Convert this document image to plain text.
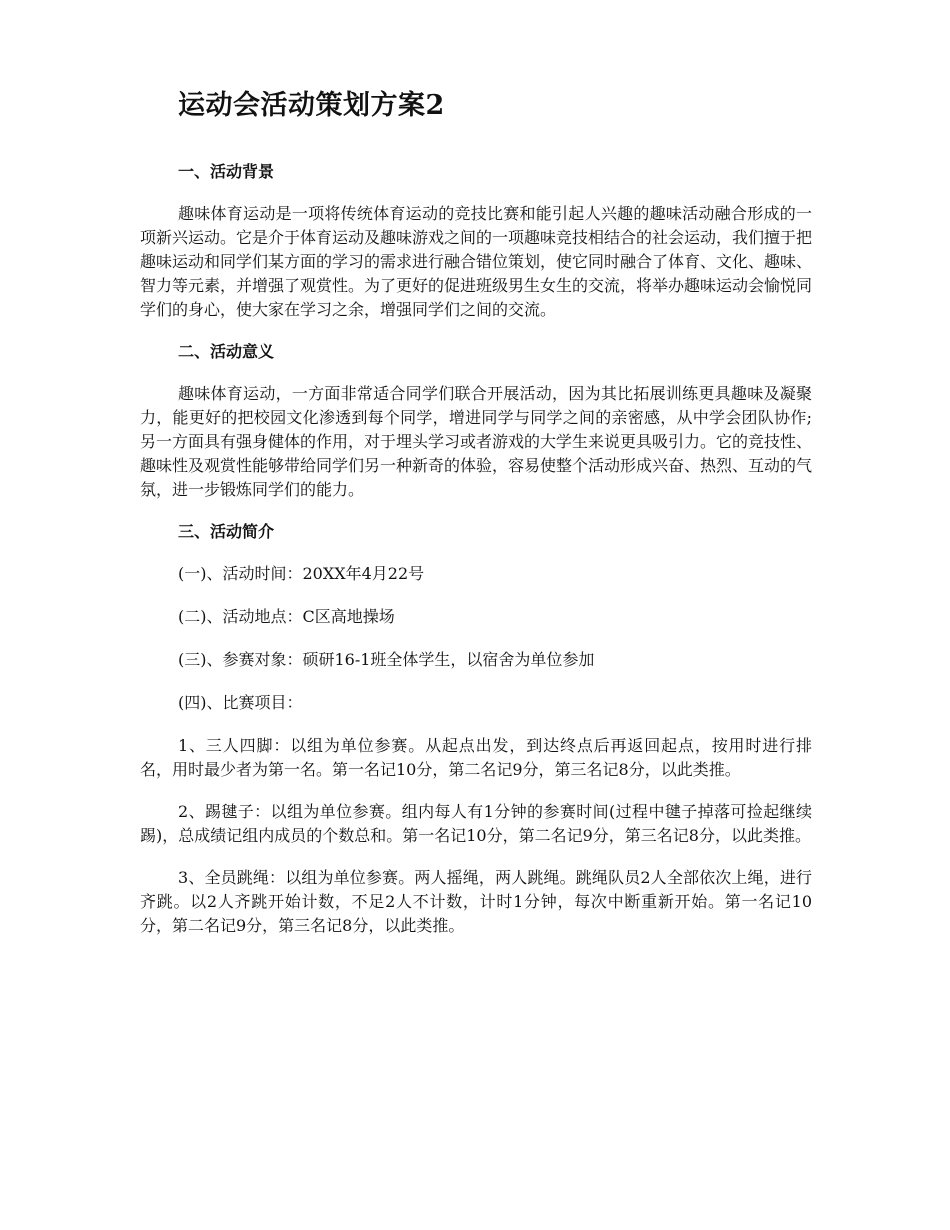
运动会活动策划方案2
一、活动背景

趣味体育运动是一项将传统体育运动的竞技比赛和能引起人兴趣的趣味活动融合形成的一项新兴运动。它是介于体育运动及趣味游戏之间的一项趣味竞技相结合的社会运动，我们擅于把趣味运动和同学们某方面的学习的需求进行融合错位策划，使它同时融合了体育、文化、趣味、智力等元素，并增强了观赏性。为了更好的促进班级男生女生的交流，将举办趣味运动会愉悦同学们的身心，使大家在学习之余，增强同学们之间的交流。

二、活动意义

趣味体育运动，一方面非常适合同学们联合开展活动，因为其比拓展训练更具趣味及凝聚力，能更好的把校园文化渗透到每个同学，增进同学与同学之间的亲密感，从中学会团队协作;另一方面具有强身健体的作用，对于埋头学习或者游戏的大学生来说更具吸引力。它的竞技性、趣味性及观赏性能够带给同学们另一种新奇的体验，容易使整个活动形成兴奋、热烈、互动的气氛，进一步锻炼同学们的能力。

三、活动简介

(一)、活动时间：20XX年4月22号

(二)、活动地点：C区高地操场

(三)、参赛对象：硕研16-1班全体学生，以宿舍为单位参加

(四)、比赛项目：

1、三人四脚：以组为单位参赛。从起点出发，到达终点后再返回起点，按用时进行排名，用时最少者为第一名。第一名记10分，第二名记9分，第三名记8分，以此类推。

2、踢毽子：以组为单位参赛。组内每人有1分钟的参赛时间(过程中毽子掉落可捡起继续踢)，总成绩记组内成员的个数总和。第一名记10分，第二名记9分，第三名记8分，以此类推。

3、全员跳绳：以组为单位参赛。两人摇绳，两人跳绳。跳绳队员2人全部依次上绳，进行齐跳。以2人齐跳开始计数，不足2人不计数，计时1分钟，每次中断重新开始。第一名记10分，第二名记9分，第三名记8分，以此类推。
